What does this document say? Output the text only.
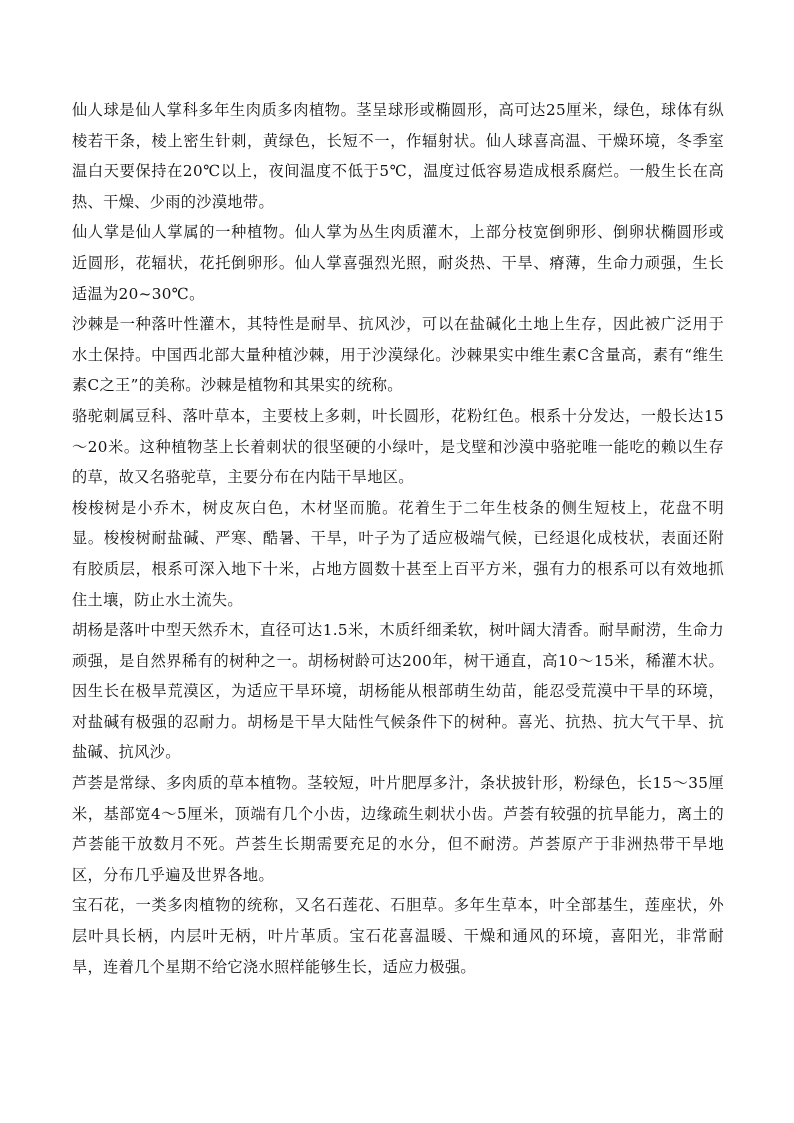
仙人球是仙人掌科多年生肉质多肉植物。茎呈球形或椭圆形，高可达25厘米，绿色，球体有纵棱若干条，棱上密生针刺，黄绿色，长短不一，作辐射状。仙人球喜高温、干燥环境，冬季室温白天要保持在20℃以上，夜间温度不低于5℃，温度过低容易造成根系腐烂。一般生长在高热、干燥、少雨的沙漠地带。

仙人掌是仙人掌属的一种植物。仙人掌为丛生肉质灌木，上部分枝宽倒卵形、倒卵状椭圆形或近圆形，花辐状，花托倒卵形。仙人掌喜强烈光照，耐炎热、干旱、瘠薄，生命力顽强，生长适温为20~30℃。

沙棘是一种落叶性灌木，其特性是耐旱、抗风沙，可以在盐碱化土地上生存，因此被广泛用于水土保持。中国西北部大量种植沙棘，用于沙漠绿化。沙棘果实中维生素C含量高，素有“维生素C之王”的美称。沙棘是植物和其果实的统称。

骆驼刺属豆科、落叶草本，主要枝上多刺，叶长圆形，花粉红色。根系十分发达，一般长达15～20米。这种植物茎上长着刺状的很坚硬的小绿叶，是戈壁和沙漠中骆驼唯一能吃的赖以生存的草，故又名骆驼草，主要分布在内陆干旱地区。

梭梭树是小乔木，树皮灰白色，木材坚而脆。花着生于二年生枝条的侧生短枝上，花盘不明显。梭梭树耐盐碱、严寒、酷暑、干旱，叶子为了适应极端气候，已经退化成枝状，表面还附有胶质层，根系可深入地下十米，占地方圆数十甚至上百平方米，强有力的根系可以有效地抓住土壤，防止水土流失。

胡杨是落叶中型天然乔木，直径可达1.5米，木质纤细柔软，树叶阔大清香。耐旱耐涝，生命力顽强，是自然界稀有的树种之一。胡杨树龄可达200年，树干通直，高10～15米，稀灌木状。因生长在极旱荒漠区，为适应干旱环境，胡杨能从根部萌生幼苗，能忍受荒漠中干旱的环境，对盐碱有极强的忍耐力。胡杨是干旱大陆性气候条件下的树种。喜光、抗热、抗大气干旱、抗盐碱、抗风沙。

芦荟是常绿、多肉质的草本植物。茎较短，叶片肥厚多汁，条状披针形，粉绿色，长15～35厘米，基部宽4～5厘米，顶端有几个小齿，边缘疏生刺状小齿。芦荟有较强的抗旱能力，离土的芦荟能干放数月不死。芦荟生长期需要充足的水分，但不耐涝。芦荟原产于非洲热带干旱地区，分布几乎遍及世界各地。

宝石花，一类多肉植物的统称，又名石莲花、石胆草。多年生草本，叶全部基生，莲座状，外层叶具长柄，内层叶无柄，叶片革质。宝石花喜温暖、干燥和通风的环境，喜阳光，非常耐旱，连着几个星期不给它浇水照样能够生长，适应力极强。
